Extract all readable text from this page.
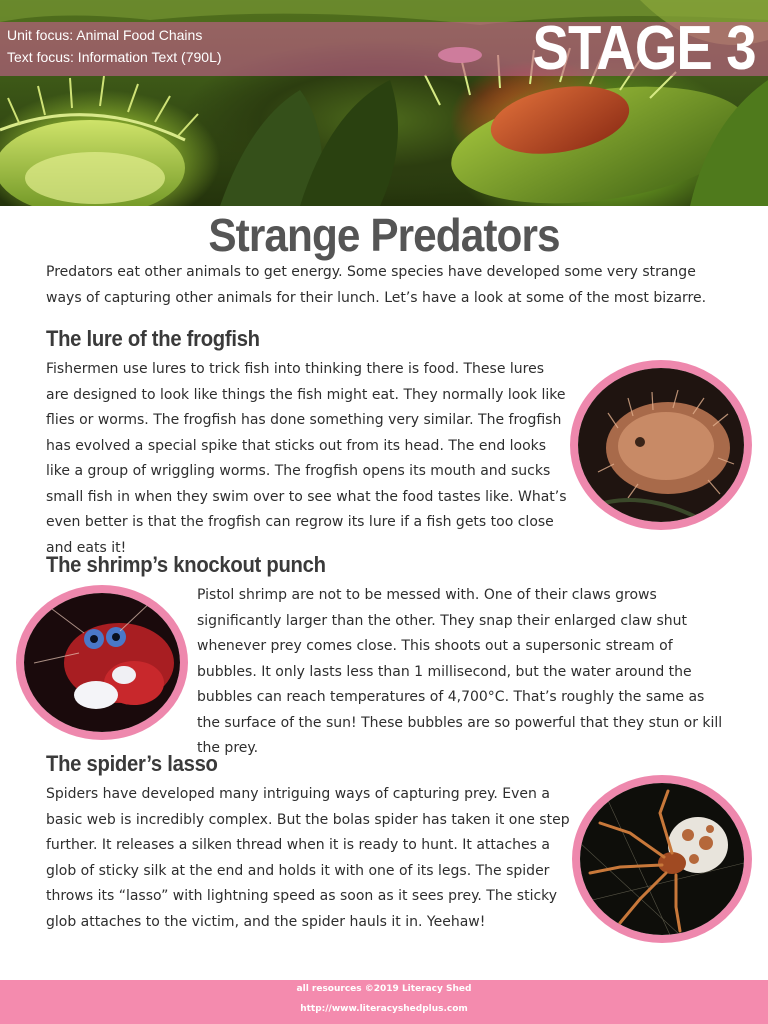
Unit focus: Animal Food Chains
Text focus: Information Text (790L)	STAGE 3
Strange Predators
Predators eat other animals to get energy. Some species have developed some very strange ways of capturing other animals for their lunch. Let’s have a look at some of the most bizarre.
The lure of the frogfish
Fishermen use lures to trick fish into thinking there is food. These lures are designed to look like things the fish might eat. They normally look like flies or worms. The frogfish has done something very similar. The frogfish has evolved a special spike that sticks out from its head. The end looks like a group of wriggling worms. The frogfish opens its mouth and sucks small fish in when they swim over to see what the food tastes like. What’s even better is that the frogfish can regrow its lure if a fish gets too close and eats it!
The shrimp’s knockout punch
Pistol shrimp are not to be messed with. One of their claws grows significantly larger than the other. They snap their enlarged claw shut whenever prey comes close. This shoots out a supersonic stream of bubbles. It only lasts less than 1 millisecond, but the water around the bubbles can reach temperatures of 4,700°C. That’s roughly the same as the surface of the sun! These bubbles are so powerful that they stun or kill the prey.
The spider’s lasso
Spiders have developed many intriguing ways of capturing prey. Even a basic web is incredibly complex. But the bolas spider has taken it one step further. It releases a silken thread when it is ready to hunt. It attaches a glob of sticky silk at the end and holds it with one of its legs. The spider throws its “lasso” with lightning speed as soon as it sees prey. The sticky glob attaches to the victim, and the spider hauls it in. Yeehaw!
all resources ©2019 Literacy Shed
http://www.literacyshedplus.com
